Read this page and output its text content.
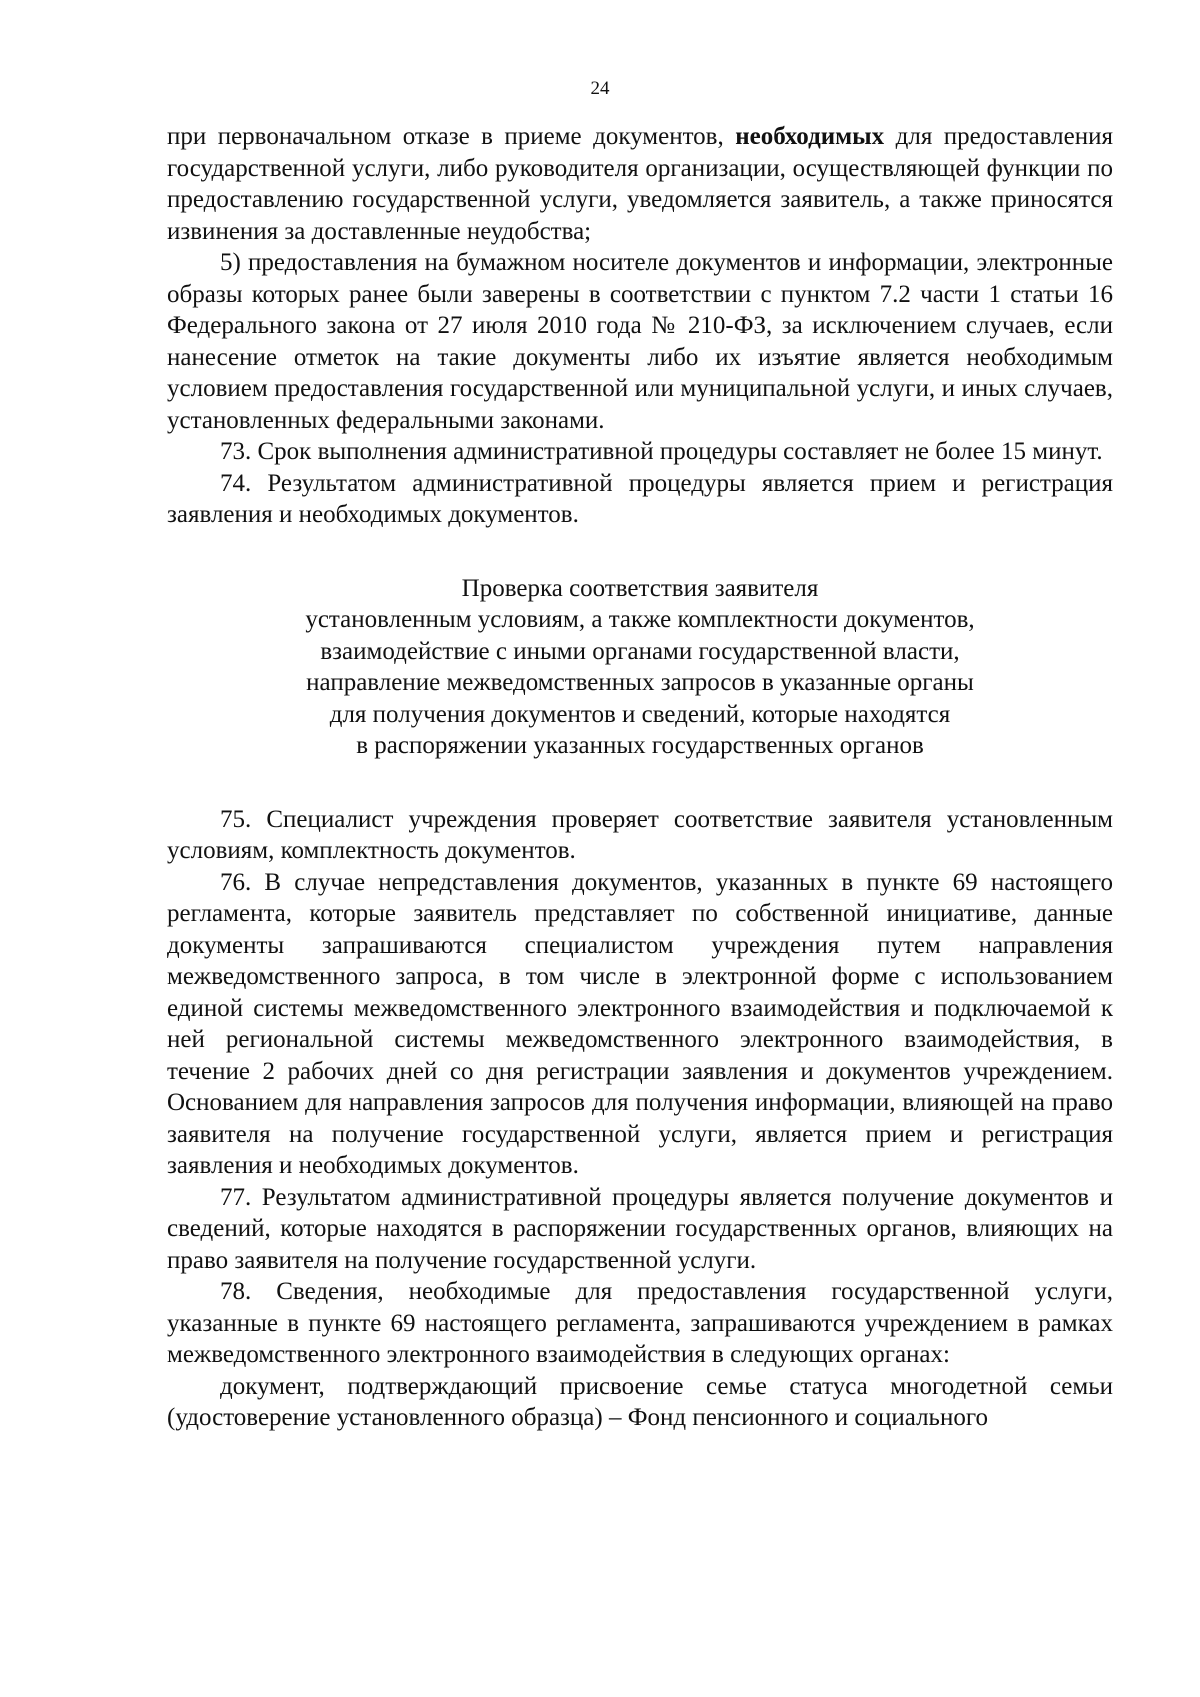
24

при первоначальном отказе в приеме документов, необходимых для предоставления государственной услуги, либо руководителя организации, осуществляющей функции по предоставлению государственной услуги, уведомляется заявитель, а также приносятся извинения за доставленные неудобства;

5) предоставления на бумажном носителе документов и информации, электронные образы которых ранее были заверены в соответствии с пунктом 7.2 части 1 статьи 16 Федерального закона от 27 июля 2010 года № 210-ФЗ, за исключением случаев, если нанесение отметок на такие документы либо их изъятие является необходимым условием предоставления государственной или муниципальной услуги, и иных случаев, установленных федеральными законами.

73. Срок выполнения административной процедуры составляет не более 15 минут.

74. Результатом административной процедуры является прием и регистрация заявления и необходимых документов.

Проверка соответствия заявителя
установленным условиям, а также комплектности документов,
взаимодействие с иными органами государственной власти,
направление межведомственных запросов в указанные органы
для получения документов и сведений, которые находятся
в распоряжении указанных государственных органов

75. Специалист учреждения проверяет соответствие заявителя установленным условиям, комплектность документов.

76. В случае непредставления документов, указанных в пункте 69 настоящего регламента, которые заявитель представляет по собственной инициативе, данные документы запрашиваются специалистом учреждения путем направления межведомственного запроса, в том числе в электронной форме с использованием единой системы межведомственного электронного взаимодействия и подключаемой к ней региональной системы межведомственного электронного взаимодействия, в течение 2 рабочих дней со дня регистрации заявления и документов учреждением. Основанием для направления запросов для получения информации, влияющей на право заявителя на получение государственной услуги, является прием и регистрация заявления и необходимых документов.

77. Результатом административной процедуры является получение документов и сведений, которые находятся в распоряжении государственных органов, влияющих на право заявителя на получение государственной услуги.

78. Сведения, необходимые для предоставления государственной услуги, указанные в пункте 69 настоящего регламента, запрашиваются учреждением в рамках межведомственного электронного взаимодействия в следующих органах:

документ, подтверждающий присвоение семье статуса многодетной семьи (удостоверение установленного образца) – Фонд пенсионного и социального
